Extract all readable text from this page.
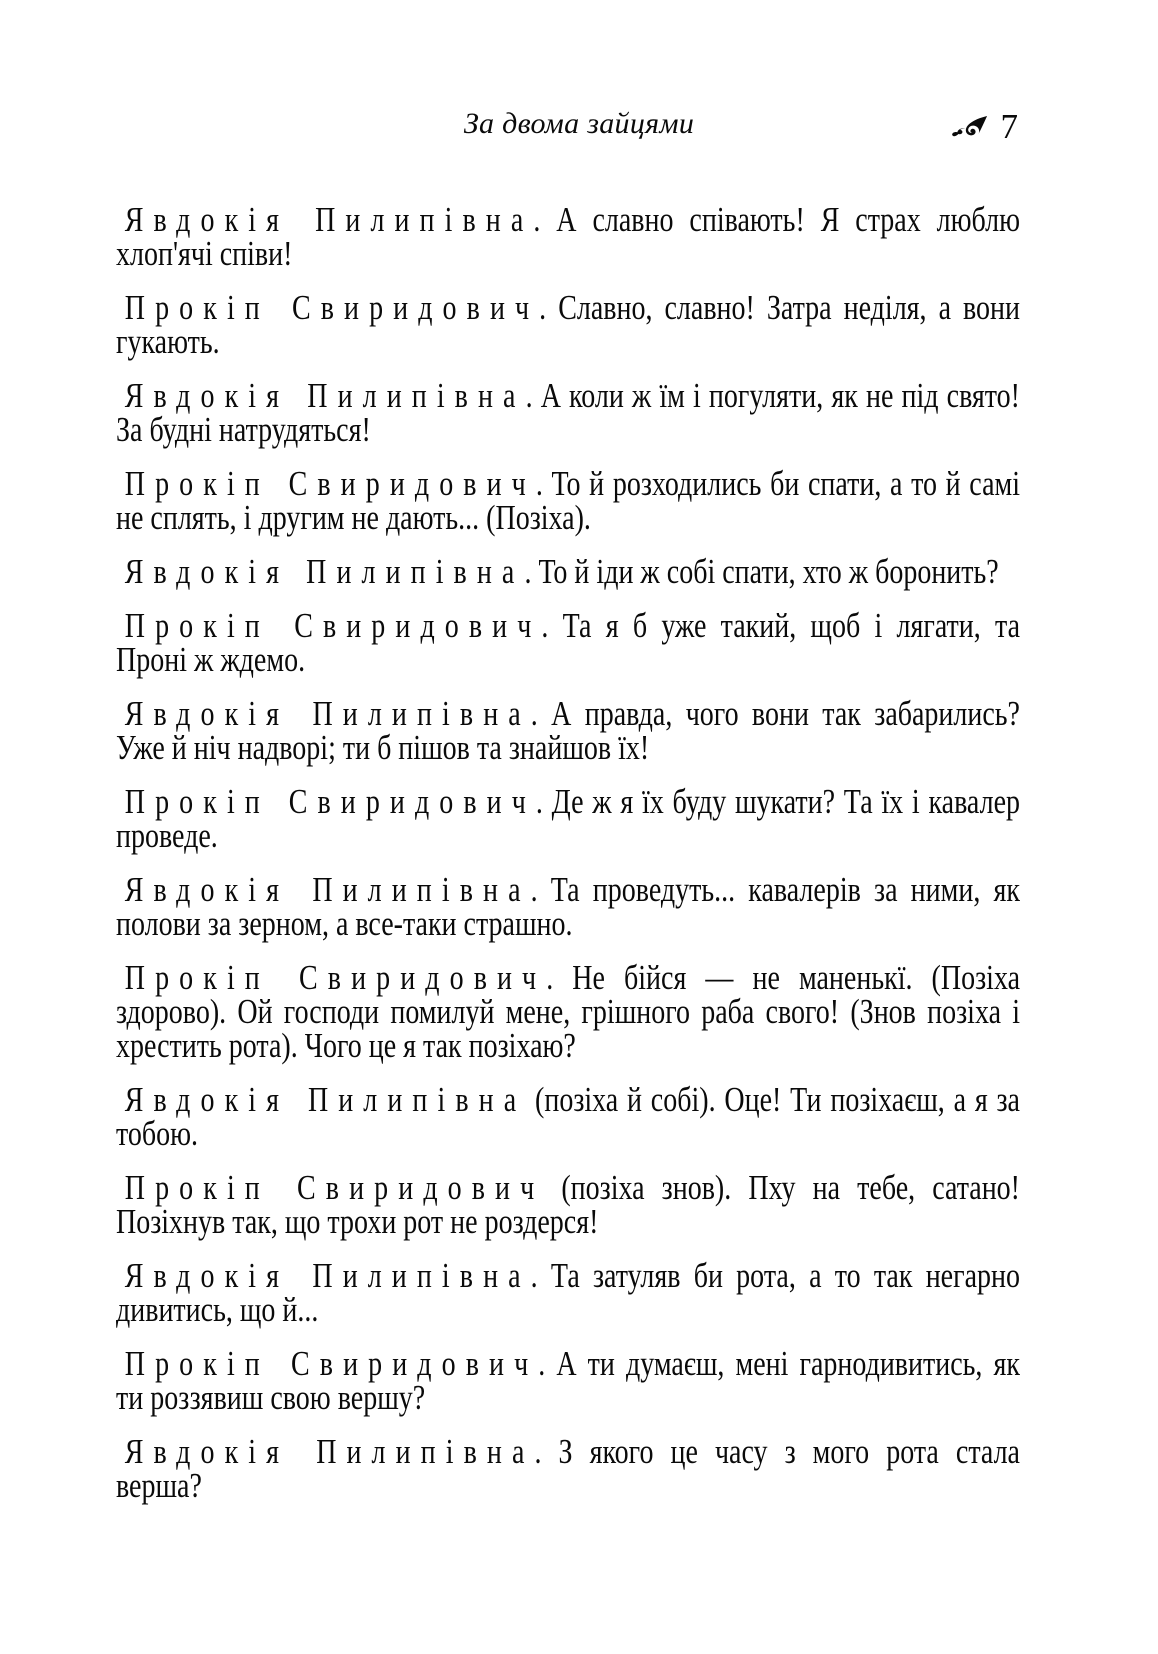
За двома зайцями	7

Явдокія Пилипівна. А славно співають! Я страх люблю хлоп'ячі співи!

Прокіп Свиридович. Славно, славно! Затра неділя, а вони гукають.

Явдокія Пилипівна. А коли ж їм і погуляти, як не під свято! За будні натрудяться!

Прокіп Свиридович. То й розходились би спати, а то й самі не сплять, і другим не дають... (Позіха).

Явдокія Пилипівна. То й іди ж собі спати, хто ж боронить?

Прокіп Свиридович. Та я б уже такий, щоб і лягати, та Проні ж ждемо.

Явдокія Пилипівна. А правда, чого вони так забарились? Уже й ніч надворі; ти б пішов та знайшов їх!

Прокіп Свиридович. Де ж я їх буду шукати? Та їх і кавалер проведе.

Явдокія Пилипівна. Та проведуть... кавалерів за ними, як полови за зерном, а все-таки страшно.

Прокіп Свиридович. Не бійся — не маненькї. (Позіха здорово). Ой господи помилуй мене, грішного раба свого! (Знов позіха і хрестить рота). Чого це я так позіхаю?

Явдокія Пилипівна (позіха й собі). Оце! Ти позіхаєш, а я за тобою.

Прокіп Свиридович (позіха знов). Пху на тебе, сатано! Позіхнув так, що трохи рот не роздерся!

Явдокія Пилипівна. Та затуляв би рота, а то так негарно дивитись, що й...

Прокіп Свиридович. А ти думаєш, мені гарнодивитись, як ти роззявиш свою вершу?

Явдокія Пилипівна. З якого це часу з мого рота стала верша?
